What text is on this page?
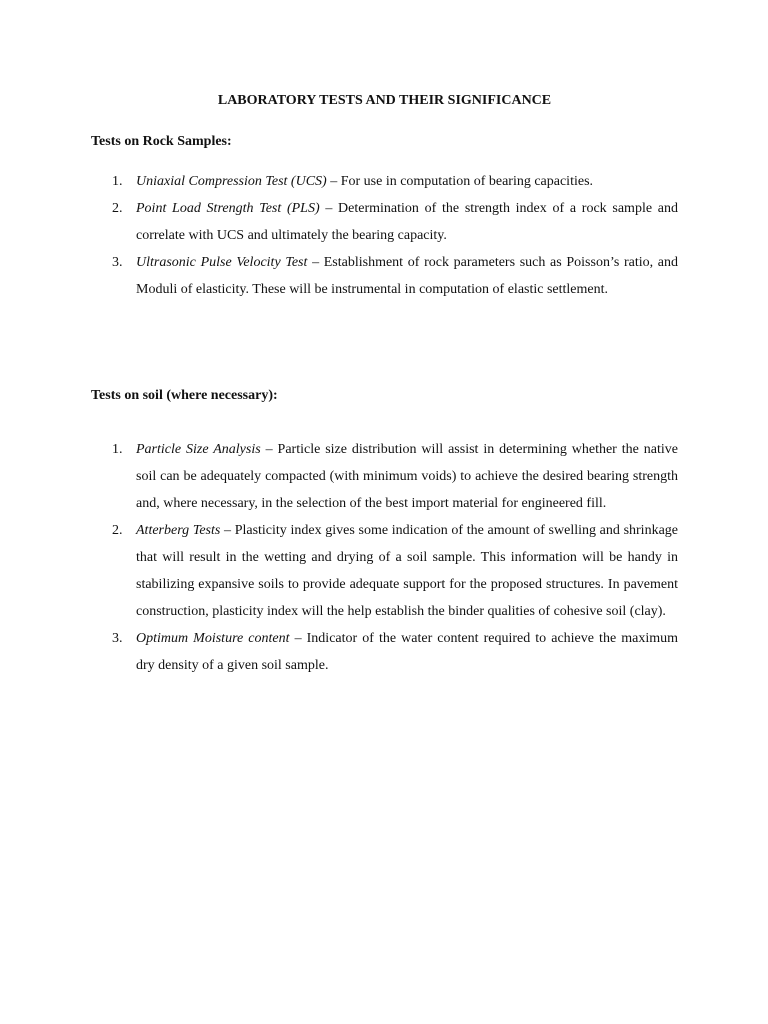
LABORATORY TESTS AND THEIR SIGNIFICANCE
Tests on Rock Samples:
1. Uniaxial Compression Test (UCS) – For use in computation of bearing capacities.
2. Point Load Strength Test (PLS) – Determination of the strength index of a rock sample and correlate with UCS and ultimately the bearing capacity.
3. Ultrasonic Pulse Velocity Test – Establishment of rock parameters such as Poisson’s ratio, and Moduli of elasticity. These will be instrumental in computation of elastic settlement.
Tests on soil (where necessary):
1. Particle Size Analysis – Particle size distribution will assist in determining whether the native soil can be adequately compacted (with minimum voids) to achieve the desired bearing strength and, where necessary, in the selection of the best import material for engineered fill.
2. Atterberg Tests – Plasticity index gives some indication of the amount of swelling and shrinkage that will result in the wetting and drying of a soil sample. This information will be handy in stabilizing expansive soils to provide adequate support for the proposed structures. In pavement construction, plasticity index will the help establish the binder qualities of cohesive soil (clay).
3. Optimum Moisture content – Indicator of the water content required to achieve the maximum dry density of a given soil sample.
